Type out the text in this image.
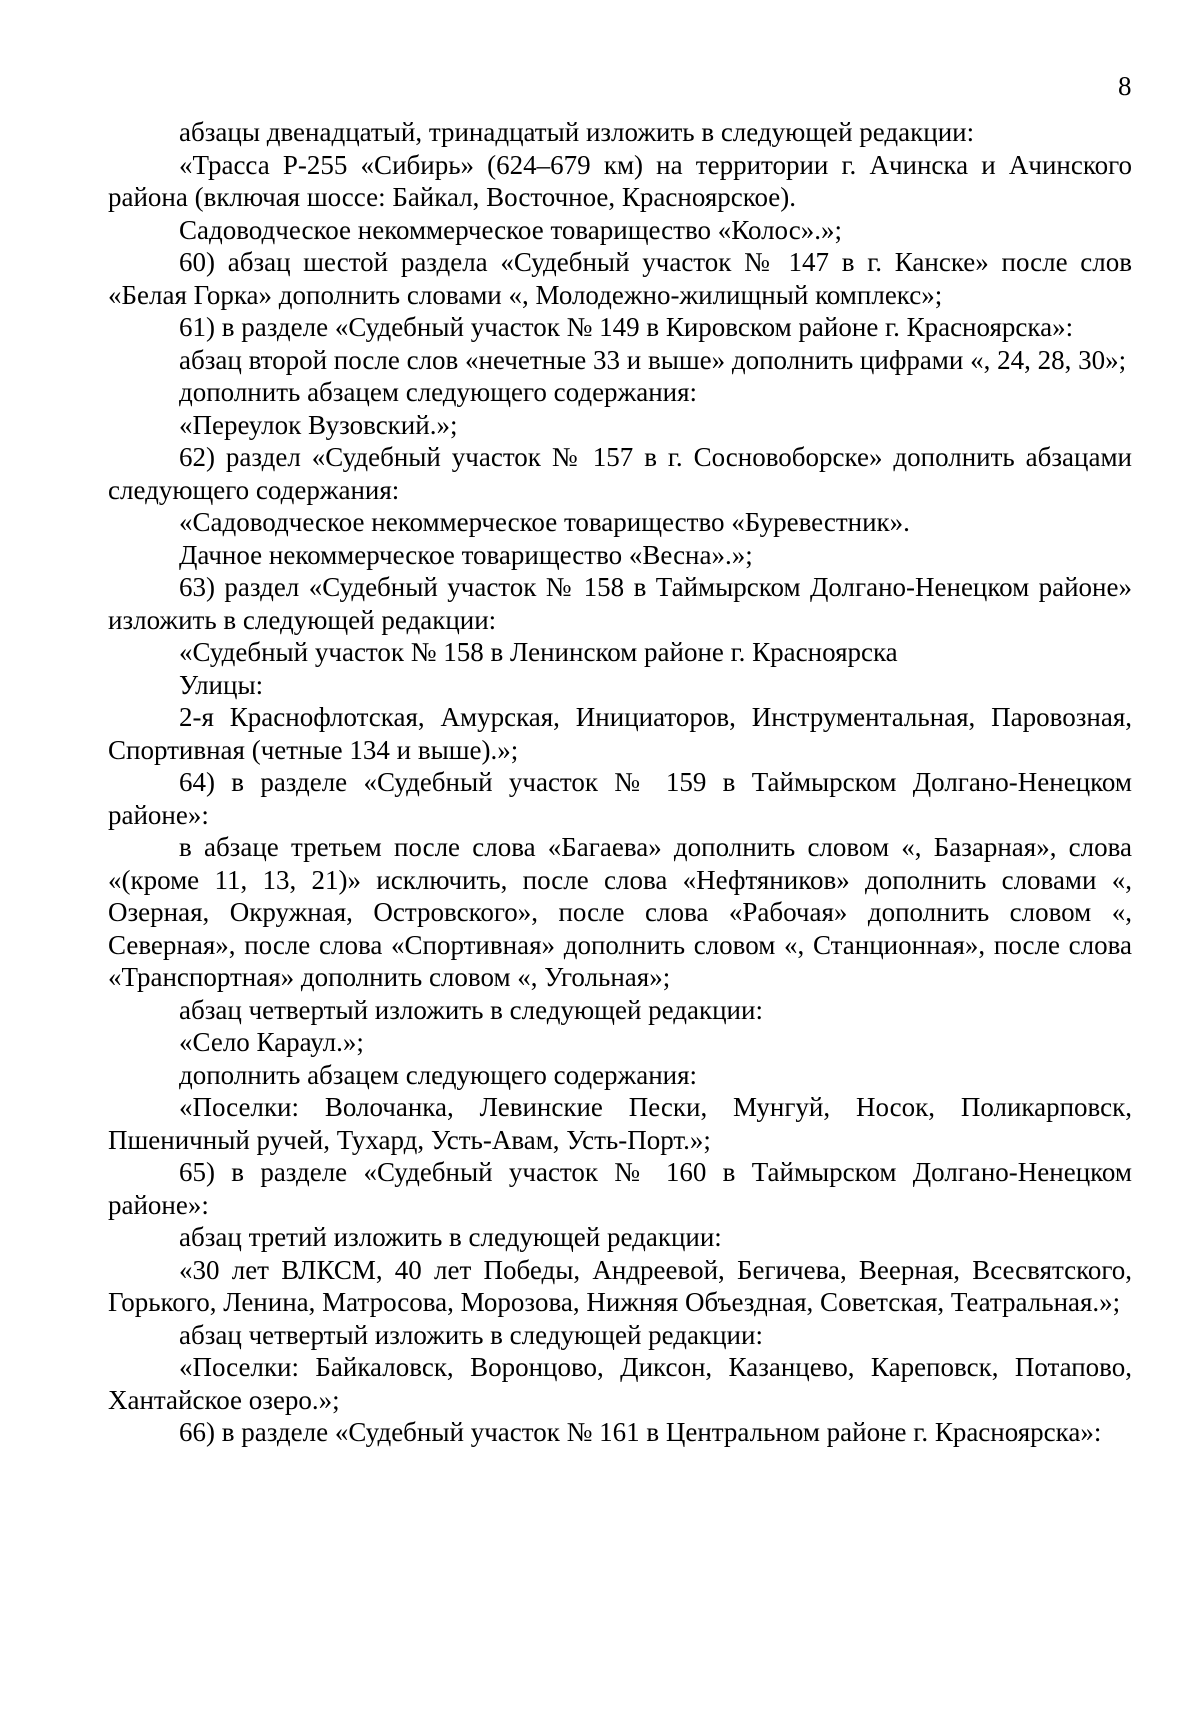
8

абзацы двенадцатый, тринадцатый изложить в следующей редакции:

«Трасса Р-255 «Сибирь» (624–679 км) на территории г. Ачинска и Ачинского района (включая шоссе: Байкал, Восточное, Красноярское).

Садоводческое некоммерческое товарищество «Колос».»;

60) абзац шестой раздела «Судебный участок № 147 в г. Канске» после слов «Белая Горка» дополнить словами «, Молодежно-жилищный комплекс»;

61) в разделе «Судебный участок № 149 в Кировском районе г. Красноярска»:

абзац второй после слов «нечетные 33 и выше» дополнить цифрами «, 24, 28, 30»;

дополнить абзацем следующего содержания:

«Переулок Вузовский.»;

62) раздел «Судебный участок № 157 в г. Сосновоборске» дополнить абзацами следующего содержания:

«Садоводческое некоммерческое товарищество «Буревестник».

Дачное некоммерческое товарищество «Весна».»;

63) раздел «Судебный участок № 158 в Таймырском Долгано-Ненецком районе» изложить в следующей редакции:

«Судебный участок № 158 в Ленинском районе г. Красноярска

Улицы:

2-я Краснофлотская, Амурская, Инициаторов, Инструментальная, Паровозная, Спортивная (четные 134 и выше).»;

64) в разделе «Судебный участок № 159 в Таймырском Долгано-Ненецком районе»:

в абзаце третьем после слова «Багаева» дополнить словом «, Базарная», слова «(кроме 11, 13, 21)» исключить, после слова «Нефтяников» дополнить словами «, Озерная, Окружная, Островского», после слова «Рабочая» дополнить словом «, Северная», после слова «Спортивная» дополнить словом «, Станционная», после слова «Транспортная» дополнить словом «, Угольная»;

абзац четвертый изложить в следующей редакции:

«Село Караул.»;

дополнить абзацем следующего содержания:

«Поселки: Волочанка, Левинские Пески, Мунгуй, Носок, Поликарповск, Пшеничный ручей, Тухард, Усть-Авам, Усть-Порт.»;

65) в разделе «Судебный участок № 160 в Таймырском Долгано-Ненецком районе»:

абзац третий изложить в следующей редакции:

«30 лет ВЛКСМ, 40 лет Победы, Андреевой, Бегичева, Веерная, Всесвятского, Горького, Ленина, Матросова, Морозова, Нижняя Объездная, Советская, Театральная.»;

абзац четвертый изложить в следующей редакции:

«Поселки: Байкаловск, Воронцово, Диксон, Казанцево, Кареповск, Потапово, Хантайское озеро.»;

66) в разделе «Судебный участок № 161 в Центральном районе г. Красноярска»:
